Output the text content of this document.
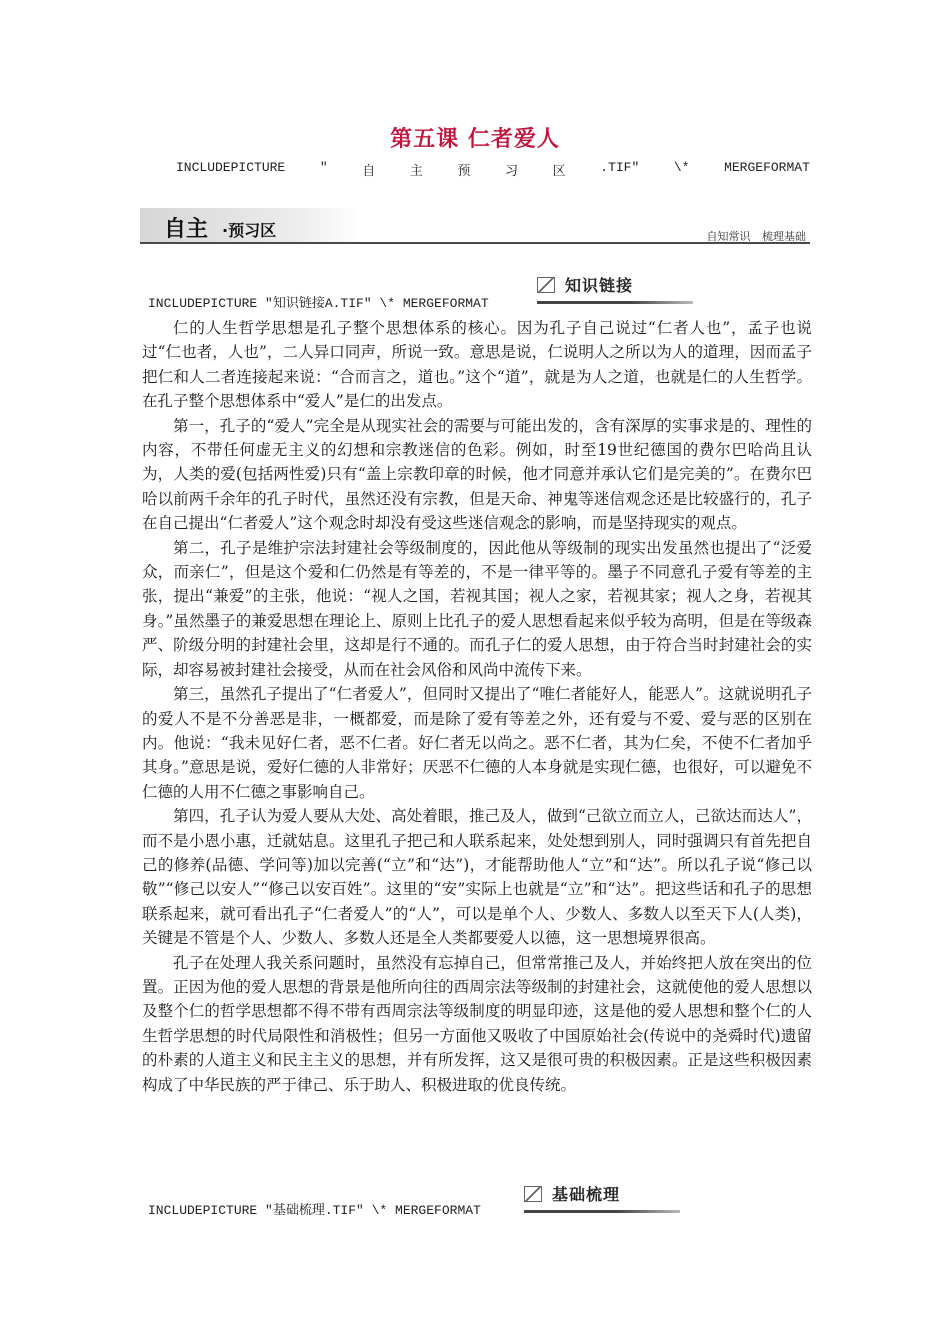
第五课 仁者爱人
INCLUDEPICTURE	"	自	主	预	习	区	.TIF"	\*	MERGEFORMAT
自主 ·预习区	自知常识 梳理基础
知识链接
INCLUDEPICTURE "知识链接A.TIF" \* MERGEFORMAT

仁的人生哲学思想是孔子整个思想体系的核心。因为孔子自己说过“仁者人也”，孟子也说过“仁也者，人也”，二人异口同声，所说一致。意思是说，仁说明人之所以为人的道理，因而孟子把仁和人二者连接起来说：“合而言之，道也。”这个“道”，就是为人之道，也就是仁的人生哲学。在孔子整个思想体系中“爱人”是仁的出发点。

第一，孔子的“爱人”完全是从现实社会的需要与可能出发的，含有深厚的实事求是的、理性的内容，不带任何虚无主义的幻想和宗教迷信的色彩。例如，时至19世纪德国的费尔巴哈尚且认为，人类的爱(包括两性爱)只有“盖上宗教印章的时候，他才同意并承认它们是完美的”。在费尔巴哈以前两千余年的孔子时代，虽然还没有宗教，但是天命、神鬼等迷信观念还是比较盛行的，孔子在自己提出“仁者爱人”这个观念时却没有受这些迷信观念的影响，而是坚持现实的观点。

第二，孔子是维护宗法封建社会等级制度的，因此他从等级制的现实出发虽然也提出了“泛爱众，而亲仁”，但是这个爱和仁仍然是有等差的，不是一律平等的。墨子不同意孔子爱有等差的主张，提出“兼爱”的主张，他说：“视人之国，若视其国；视人之家，若视其家；视人之身，若视其身。”虽然墨子的兼爱思想在理论上、原则上比孔子的爱人思想看起来似乎较为高明，但是在等级森严、阶级分明的封建社会里，这却是行不通的。而孔子仁的爱人思想，由于符合当时封建社会的实际，却容易被封建社会接受，从而在社会风俗和风尚中流传下来。

第三，虽然孔子提出了“仁者爱人”，但同时又提出了“唯仁者能好人，能恶人”。这就说明孔子的爱人不是不分善恶是非，一概都爱，而是除了爱有等差之外，还有爱与不爱、爱与恶的区别在内。他说：“我未见好仁者，恶不仁者。好仁者无以尚之。恶不仁者，其为仁矣，不使不仁者加乎其身。”意思是说，爱好仁德的人非常好；厌恶不仁德的人本身就是实现仁德，也很好，可以避免不仁德的人用不仁德之事影响自己。

第四，孔子认为爱人要从大处、高处着眼，推己及人，做到“己欲立而立人，己欲达而达人”，而不是小恩小惠，迁就姑息。这里孔子把己和人联系起来，处处想到别人，同时强调只有首先把自己的修养(品德、学问等)加以完善(“立”和“达”)，才能帮助他人“立”和“达”。所以孔子说“修己以敬”“修己以安人”“修己以安百姓”。这里的“安”实际上也就是“立”和“达”。把这些话和孔子的思想联系起来，就可看出孔子“仁者爱人”的“人”，可以是单个人、少数人、多数人以至天下人(人类)，关键是不管是个人、少数人、多数人还是全人类都要爱人以德，这一思想境界很高。

孔子在处理人我关系问题时，虽然没有忘掉自己，但常常推己及人，并始终把人放在突出的位置。正因为他的爱人思想的背景是他所向往的西周宗法等级制的封建社会，这就使他的爱人思想以及整个仁的哲学思想都不得不带有西周宗法等级制度的明显印迹，这是他的爱人思想和整个仁的人生哲学思想的时代局限性和消极性；但另一方面他又吸收了中国原始社会(传说中的尧舜时代)遗留的朴素的人道主义和民主主义的思想，并有所发挥，这又是很可贵的积极因素。正是这些积极因素构成了中华民族的严于律己、乐于助人、积极进取的优良传统。

基础梳理
INCLUDEPICTURE "基础梳理.TIF" \* MERGEFORMAT
